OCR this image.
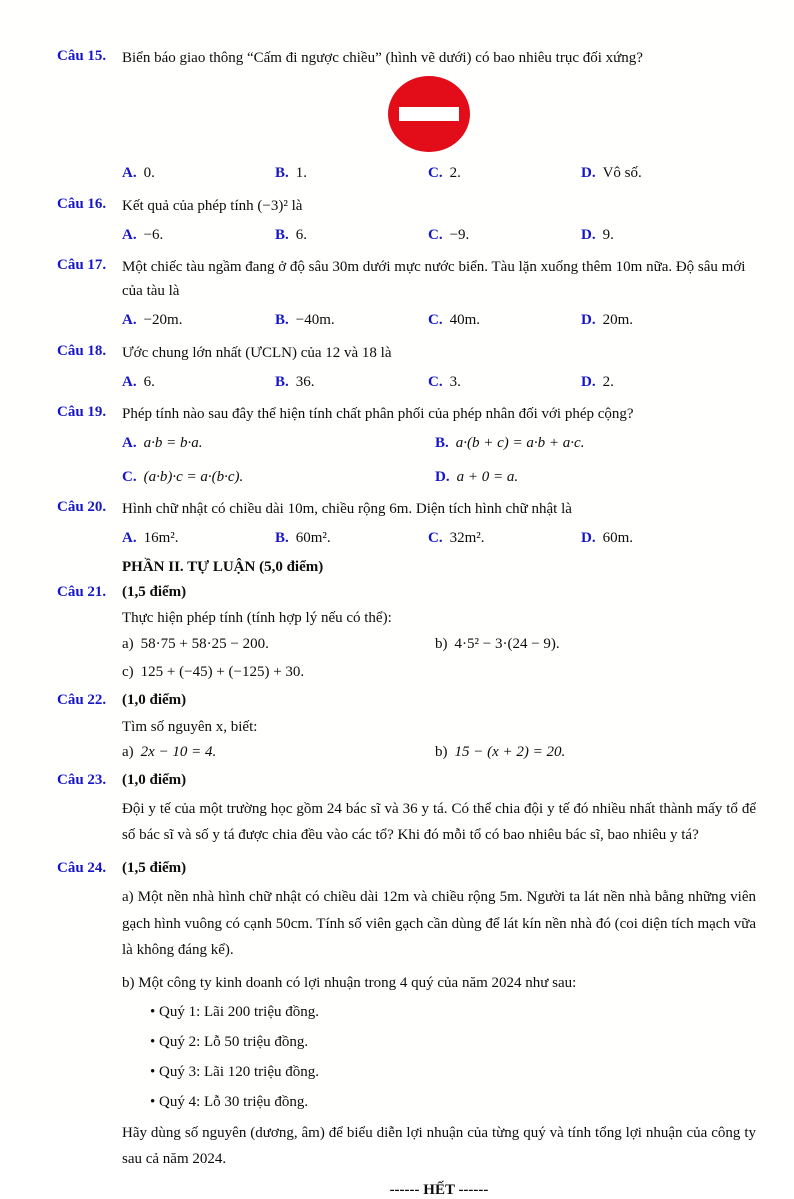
Câu 15.	Biển báo giao thông “Cấm đi ngược chiều” (hình vẽ dưới) có bao nhiêu trục đối xứng?
A. 0.	B. 1.	C. 2.	D. Vô số.
Câu 16.	Kết quả của phép tính (−3)² là
A. −6.	B. 6.	C. −9.	D. 9.
Câu 17.	Một chiếc tàu ngầm đang ở độ sâu 30m dưới mực nước biển. Tàu lặn xuống thêm 10m nữa. Độ sâu mới của tàu là
A. −20m.	B. −40m.	C. 40m.	D. 20m.
Câu 18.	Ước chung lớn nhất (ƯCLN) của 12 và 18 là
A. 6.	B. 36.	C. 3.	D. 2.
Câu 19.	Phép tính nào sau đây thể hiện tính chất phân phối của phép nhân đối với phép cộng?
A. a·b = b·a.	B. a·(b + c) = a·b + a·c.
C. (a·b)·c = a·(b·c).	D. a + 0 = a.
Câu 20.	Hình chữ nhật có chiều dài 10m, chiều rộng 6m. Diện tích hình chữ nhật là
A. 16m².	B. 60m².	C. 32m².	D. 60m.
PHẦN II. TỰ LUẬN (5,0 điểm)
Câu 21.	(1,5 điểm)
Thực hiện phép tính (tính hợp lý nếu có thể):
a) 58·75 + 58·25 − 200.	b) 4·5² − 3·(24 − 9).
c) 125 + (−45) + (−125) + 30.
Câu 22.	(1,0 điểm)
Tìm số nguyên x, biết:
a) 2x − 10 = 4.	b) 15 − (x + 2) = 20.
Câu 23.	(1,0 điểm)
Đội y tế của một trường học gồm 24 bác sĩ và 36 y tá. Có thể chia đội y tế đó nhiều nhất thành mấy tổ để số bác sĩ và số y tá được chia đều vào các tổ? Khi đó mỗi tổ có bao nhiêu bác sĩ, bao nhiêu y tá?
Câu 24.	(1,5 điểm)
a) Một nền nhà hình chữ nhật có chiều dài 12m và chiều rộng 5m. Người ta lát nền nhà bằng những viên gạch hình vuông có cạnh 50cm. Tính số viên gạch cần dùng để lát kín nền nhà đó (coi diện tích mạch vữa là không đáng kể).
b) Một công ty kinh doanh có lợi nhuận trong 4 quý của năm 2024 như sau:
• Quý 1: Lãi 200 triệu đồng.
• Quý 2: Lỗ 50 triệu đồng.
• Quý 3: Lãi 120 triệu đồng.
• Quý 4: Lỗ 30 triệu đồng.
Hãy dùng số nguyên (dương, âm) để biểu diễn lợi nhuận của từng quý và tính tổng lợi nhuận của công ty sau cả năm 2024.
------ HẾT ------
